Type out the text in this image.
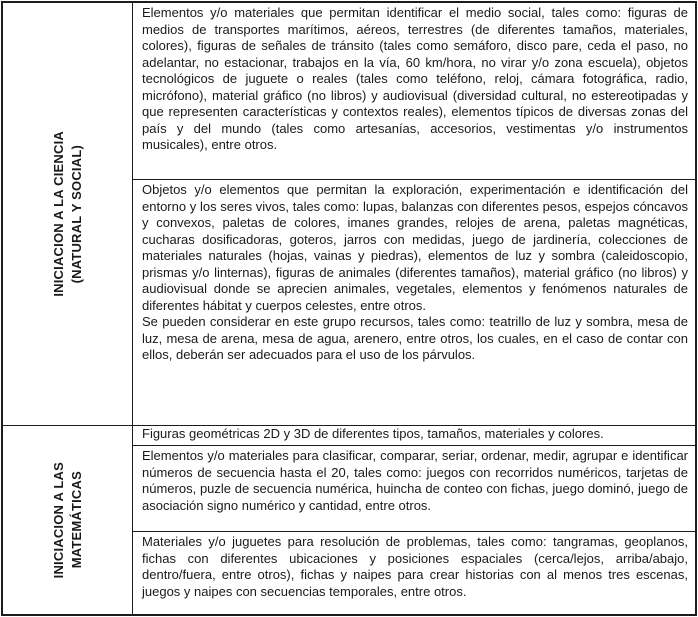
INICIACION A LA CIENCIA (NATURAL Y SOCIAL)

Elementos y/o materiales que permitan identificar el medio social, tales como: figuras de medios de transportes marítimos, aéreos, terrestres (de diferentes tamaños, materiales, colores), figuras de señales de tránsito (tales como semáforo, disco pare, ceda el paso, no adelantar, no estacionar, trabajos en la vía, 60 km/hora, no virar y/o zona escuela), objetos tecnológicos de juguete o reales (tales como teléfono, reloj, cámara fotográfica, radio, micrófono), material gráfico (no libros) y audiovisual (diversidad cultural, no estereotipadas y que representen características y contextos reales), elementos típicos de diversas zonas del país y del mundo (tales como artesanías, accesorios, vestimentas y/o instrumentos musicales), entre otros.

Objetos y/o elementos que permitan la exploración, experimentación e identificación del entorno y los seres vivos, tales como: lupas, balanzas con diferentes pesos, espejos cóncavos y convexos, paletas de colores, imanes grandes, relojes de arena, paletas magnéticas, cucharas dosificadoras, goteros, jarros con medidas, juego de jardinería, colecciones de materiales naturales (hojas, vainas y piedras), elementos de luz y sombra (caleidoscopio, prismas y/o linternas), figuras de animales (diferentes tamaños), material gráfico (no libros) y audiovisual donde se aprecien animales, vegetales, elementos y fenómenos naturales de diferentes hábitat y cuerpos celestes, entre otros.

Se pueden considerar en este grupo recursos, tales como: teatrillo de luz y sombra, mesa de luz, mesa de arena, mesa de agua, arenero, entre otros, los cuales, en el caso de contar con ellos, deberán ser adecuados para el uso de los párvulos.

INICIACION A LAS MATEMÁTICAS

Figuras geométricas 2D y 3D de diferentes tipos, tamaños, materiales y colores.

Elementos y/o materiales para clasificar, comparar, seriar, ordenar, medir, agrupar e identificar números de secuencia hasta el 20, tales como: juegos con recorridos numéricos, tarjetas de números, puzle de secuencia numérica, huincha de conteo con fichas, juego dominó, juego de asociación signo numérico y cantidad, entre otros.

Materiales y/o juguetes para resolución de problemas, tales como: tangramas, geoplanos, fichas con diferentes ubicaciones y posiciones espaciales (cerca/lejos, arriba/abajo, dentro/fuera, entre otros), fichas y naipes para crear historias con al menos tres escenas, juegos y naipes con secuencias temporales, entre otros.
